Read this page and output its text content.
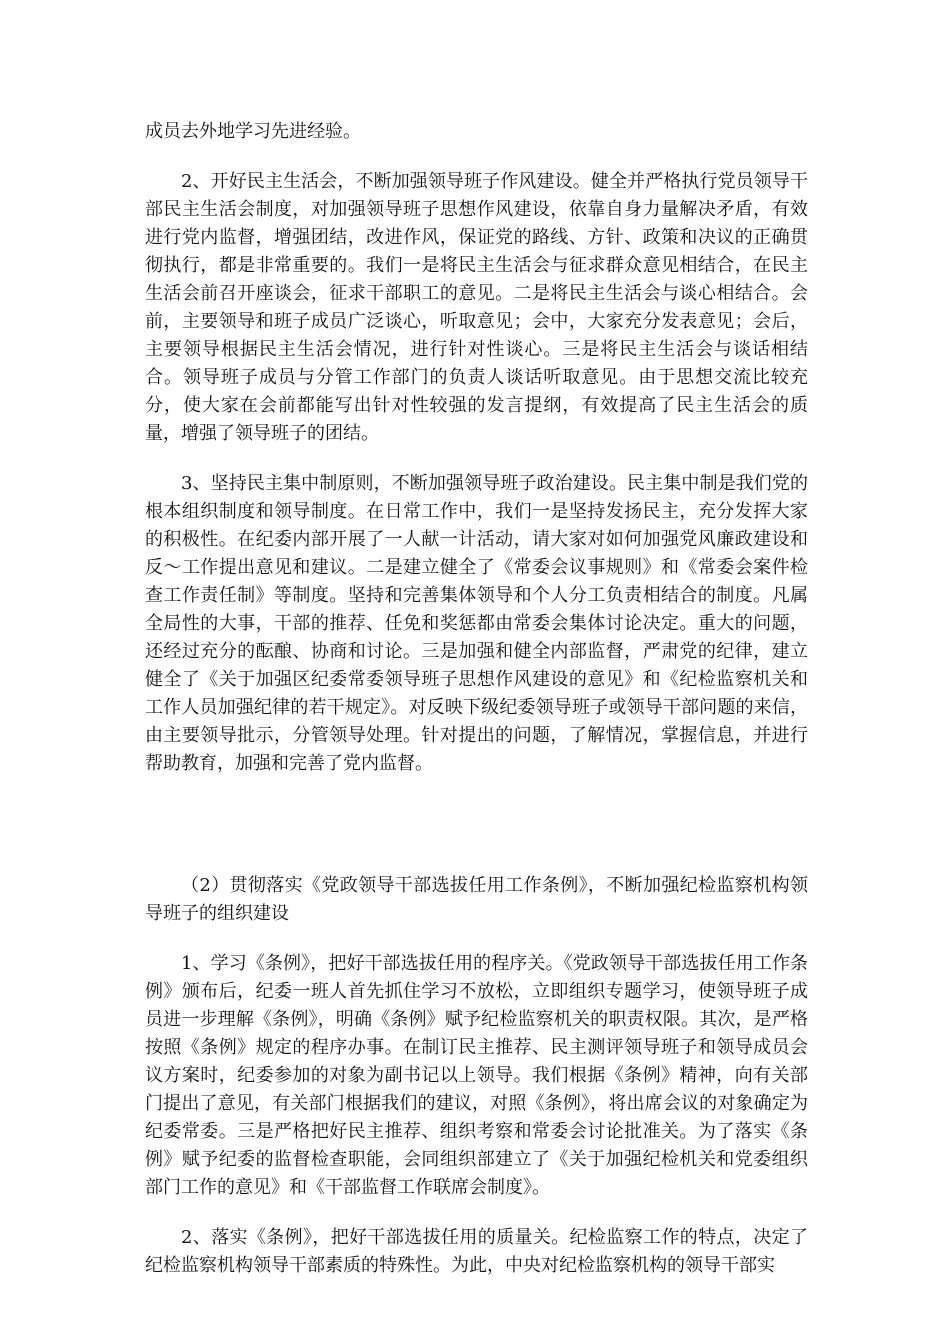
成员去外地学习先进经验。

2、开好民主生活会，不断加强领导班子作风建设。健全并严格执行党员领导干部民主生活会制度，对加强领导班子思想作风建设，依靠自身力量解决矛盾，有效进行党内监督，增强团结，改进作风，保证党的路线、方针、政策和决议的正确贯彻执行，都是非常重要的。我们一是将民主生活会与征求群众意见相结合，在民主生活会前召开座谈会，征求干部职工的意见。二是将民主生活会与谈心相结合。会前，主要领导和班子成员广泛谈心，听取意见；会中，大家充分发表意见；会后，主要领导根据民主生活会情况，进行针对性谈心。三是将民主生活会与谈话相结合。领导班子成员与分管工作部门的负责人谈话听取意见。由于思想交流比较充分，使大家在会前都能写出针对性较强的发言提纲，有效提高了民主生活会的质量，增强了领导班子的团结。

3、坚持民主集中制原则，不断加强领导班子政治建设。民主集中制是我们党的根本组织制度和领导制度。在日常工作中，我们一是坚持发扬民主，充分发挥大家的积极性。在纪委内部开展了一人献一计活动，请大家对如何加强党风廉政建设和反～工作提出意见和建议。二是建立健全了《常委会议事规则》和《常委会案件检查工作责任制》等制度。坚持和完善集体领导和个人分工负责相结合的制度。凡属全局性的大事，干部的推荐、任免和奖惩都由常委会集体讨论决定。重大的问题，还经过充分的酝酿、协商和讨论。三是加强和健全内部监督，严肃党的纪律，建立健全了《关于加强区纪委常委领导班子思想作风建设的意见》和《纪检监察机关和工作人员加强纪律的若干规定》。对反映下级纪委领导班子或领导干部问题的来信，由主要领导批示，分管领导处理。针对提出的问题，了解情况，掌握信息，并进行帮助教育，加强和完善了党内监督。

（2）贯彻落实《党政领导干部选拔任用工作条例》，不断加强纪检监察机构领导班子的组织建设

1、学习《条例》，把好干部选拔任用的程序关。《党政领导干部选拔任用工作条例》颁布后，纪委一班人首先抓住学习不放松，立即组织专题学习，使领导班子成员进一步理解《条例》，明确《条例》赋予纪检监察机关的职责权限。其次，是严格按照《条例》规定的程序办事。在制订民主推荐、民主测评领导班子和领导成员会议方案时，纪委参加的对象为副书记以上领导。我们根据《条例》精神，向有关部门提出了意见，有关部门根据我们的建议，对照《条例》，将出席会议的对象确定为纪委常委。三是严格把好民主推荐、组织考察和常委会讨论批准关。为了落实《条例》赋予纪委的监督检查职能，会同组织部建立了《关于加强纪检机关和党委组织部门工作的意见》和《干部监督工作联席会制度》。

2、落实《条例》，把好干部选拔任用的质量关。纪检监察工作的特点，决定了纪检监察机构领导干部素质的特殊性。为此，中央对纪检监察机构的领导干部实
